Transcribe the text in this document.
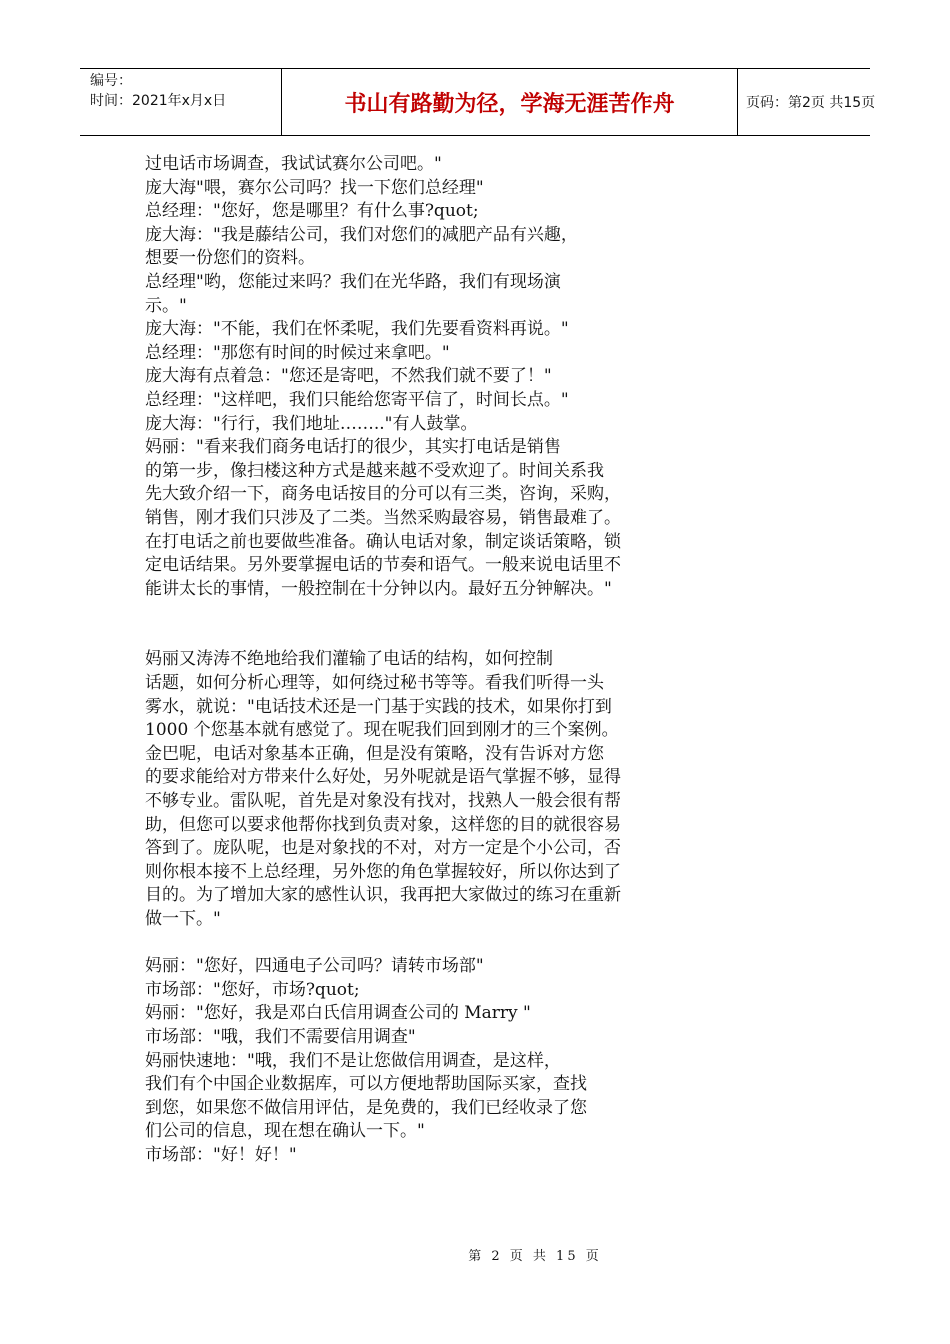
编号：
时间：2021年x月x日	书山有路勤为径，学海无涯苦作舟	页码：第2页 共15页
过电话市场调查，我试试赛尔公司吧。"
庞大海"喂，赛尔公司吗？找一下您们总经理"
总经理："您好，您是哪里？有什么事?quot;
庞大海："我是藤结公司，我们对您们的减肥产品有兴趣，
想要一份您们的资料。
总经理"哟，您能过来吗？我们在光华路，我们有现场演
示。"
庞大海："不能，我们在怀柔呢，我们先要看资料再说。"
总经理："那您有时间的时候过来拿吧。"
庞大海有点着急："您还是寄吧，不然我们就不要了！"
总经理："这样吧，我们只能给您寄平信了，时间长点。"
庞大海："行行，我们地址…….."有人鼓掌。
妈丽："看来我们商务电话打的很少，其实打电话是销售
的第一步，像扫楼这种方式是越来越不受欢迎了。时间关系我
先大致介绍一下，商务电话按目的分可以有三类，咨询，采购，
销售，刚才我们只涉及了二类。当然采购最容易，销售最难了。
在打电话之前也要做些准备。确认电话对象，制定谈话策略，锁
定电话结果。另外要掌握电话的节奏和语气。一般来说电话里不
能讲太长的事情，一般控制在十分钟以内。最好五分钟解决。"
妈丽又涛涛不绝地给我们灌输了电话的结构，如何控制
话题，如何分析心理等，如何绕过秘书等等。看我们听得一头
雾水，就说："电话技术还是一门基于实践的技术，如果你打到
1000 个您基本就有感觉了。现在呢我们回到刚才的三个案例。
金巴呢，电话对象基本正确，但是没有策略，没有告诉对方您
的要求能给对方带来什么好处，另外呢就是语气掌握不够，显得
不够专业。雷队呢，首先是对象没有找对，找熟人一般会很有帮
助，但您可以要求他帮你找到负责对象，这样您的目的就很容易
答到了。庞队呢，也是对象找的不对，对方一定是个小公司，否
则你根本接不上总经理，另外您的角色掌握较好，所以你达到了
目的。为了增加大家的感性认识，我再把大家做过的练习在重新
做一下。"
妈丽："您好，四通电子公司吗？请转市场部"
市场部："您好，市场?quot;
妈丽："您好，我是邓白氏信用调查公司的 Marry "
市场部："哦，我们不需要信用调查"
妈丽快速地："哦，我们不是让您做信用调查，是这样，
我们有个中国企业数据库，可以方便地帮助国际买家，查找
到您，如果您不做信用评估，是免费的，我们已经收录了您
们公司的信息，现在想在确认一下。"
市场部："好！好！"
第 2 页 共 15 页
